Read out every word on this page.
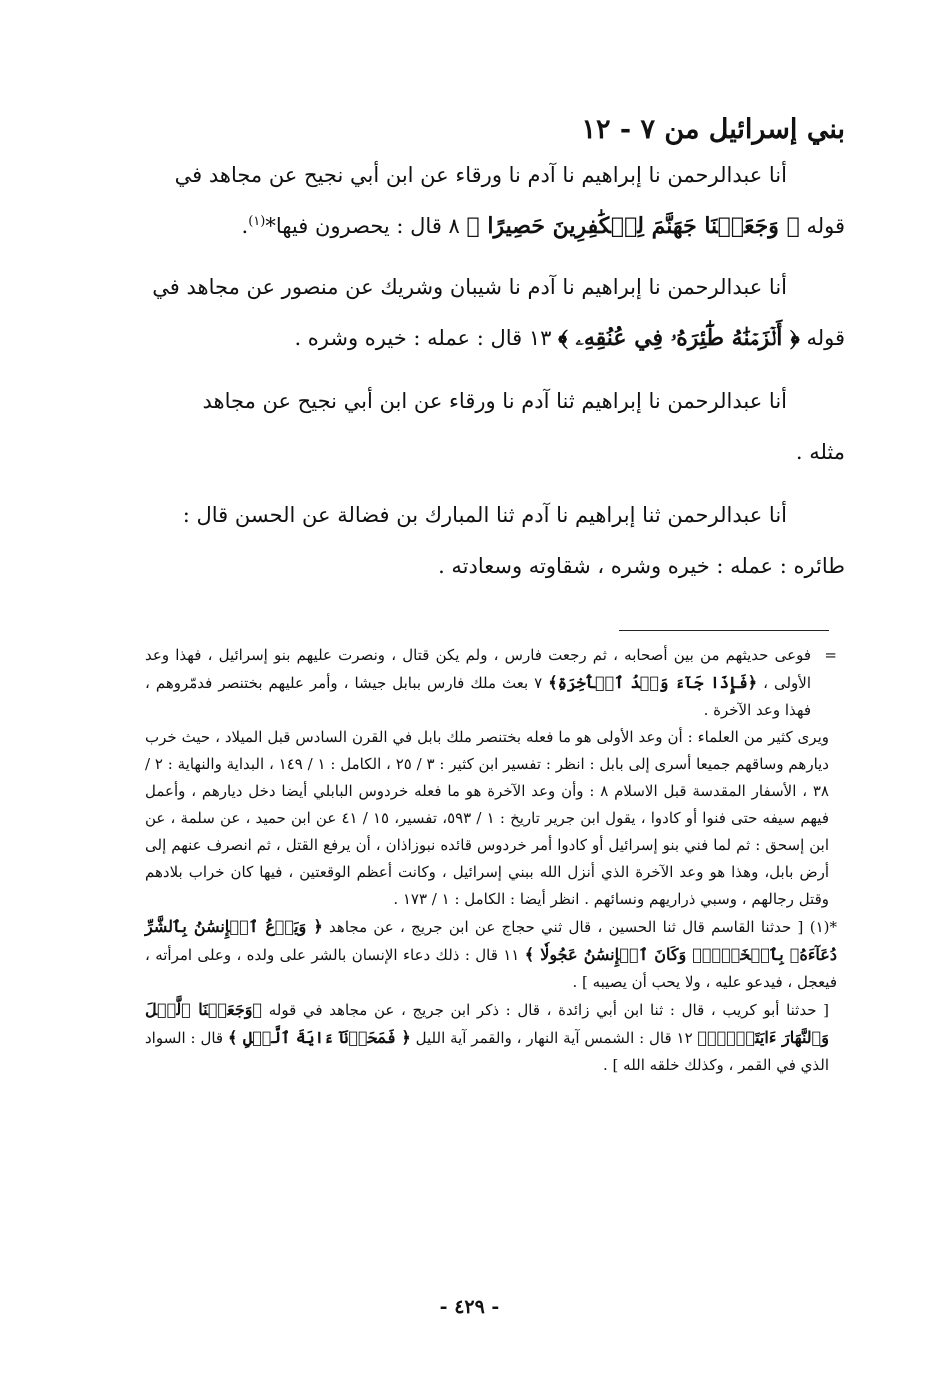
بني إسرائيل من ٧ - ١٢

أنا عبدالرحمن نا إبراهيم نا آدم نا ورقاء عن ابن أبي نجيح عن مجاهد في
قوله ﴿ وَجَعَلۡنَا جَهَنَّمَ لِلۡكَٰفِرِينَ حَصِيرًا ﴾ ٨ قال : يحصرون فيها*$^{(١)}$.

أنا عبدالرحمن نا إبراهيم نا آدم نا شيبان وشريك عن منصور عن مجاهد في
قوله ﴿ أَلۡزَمۡنَٰهُ طَٰٓئِرَهُۥ فِي عُنُقِهِۦ ﴾ ١٣ قال : عمله : خيره وشره .

أنا عبدالرحمن نا إبراهيم ثنا آدم نا ورقاء عن ابن أبي نجيح عن مجاهد
مثله .

أنا عبدالرحمن ثنا إبراهيم نا آدم ثنا المبارك بن فضالة عن الحسن قال :
طائره : عمله : خيره وشره ، شقاوته وسعادته .

=
فوعى حديثهم من بين أصحابه ، ثم رجعت فارس ، ولم يكن قتال ، ونصرت عليهم بنو إسرائيل ، فهذا وعد الأولى ، ﴿فَإِذَا جَآءَ وَعۡدُ ٱلۡأٓخِرَةِ﴾ ٧ بعث ملك فارس ببابل جيشا ، وأمر عليهم بختنصر فدمّروهم ، فهذا وعد الآخرة .

ويرى كثير من العلماء : أن وعد الأولى هو ما فعله بختنصر ملك بابل في القرن السادس قبل الميلاد ، حيث خرب ديارهم وساقهم جميعا أسرى إلى بابل : انظر : تفسير ابن كثير : ٣ / ٢٥ ، الكامل : ١ / ١٤٩ ، البداية والنهاية : ٢ / ٣٨ ، الأسفار المقدسة قبل الاسلام ٨ : وأن وعد الآخرة هو ما فعله خردوس البابلي أيضا دخل ديارهم ، وأعمل فيهم سيفه حتى فنوا أو كادوا ، يقول ابن جرير تاريخ : ١ / ٥٩٣، تفسير، ١٥ / ٤١ عن ابن حميد ، عن سلمة ، عن ابن إسحق : ثم لما فني بنو إسرائيل أو كادوا أمر خردوس قائده نبوزاذان ، أن يرفع القتل ، ثم انصرف عنهم إلى أرض بابل، وهذا هو وعد الآخرة الذي أنزل الله ببني إسرائيل ، وكانت أعظم الوقعتين ، فيها كان خراب بلادهم وقتل رجالهم ، وسبي ذراريهم ونسائهم . انظر أيضا : الكامل : ١ / ١٧٣ .

*(١) [ حدثنا القاسم قال ثنا الحسين ، قال ثني حجاج عن ابن جريج ، عن مجاهد ﴿ وَيَدۡعُ ٱلۡإِنسَٰنُ بِٱلشَّرِّ دُعَآءَهُۥ بِٱلۡخَيۡرِۖ وَكَانَ ٱلۡإِنسَٰنُ عَجُولٗا ﴾ ١١ قال : ذلك دعاء الإنسان بالشر على ولده ، وعلى امرأته ، فيعجل ، فيدعو عليه ، ولا يحب أن يصيبه ] .

[ حدثنا أبو كريب ، قال : ثنا ابن أبي زائدة ، قال : ذكر ابن جريج ، عن مجاهد في قوله ﴿وَجَعَلۡنَا ٱلَّيۡلَ وَٱلنَّهَارَ ءَايَتَيۡنِۖ﴾ ١٢ قال : الشمس آية النهار ، والقمر آية الليل ﴿ فَمَحَوۡنَآ ءَايَةَ ٱلَّيۡلِ ﴾ قال : السواد الذي في القمر ، وكذلك خلقه الله ] .

- ٤٢٩ -
